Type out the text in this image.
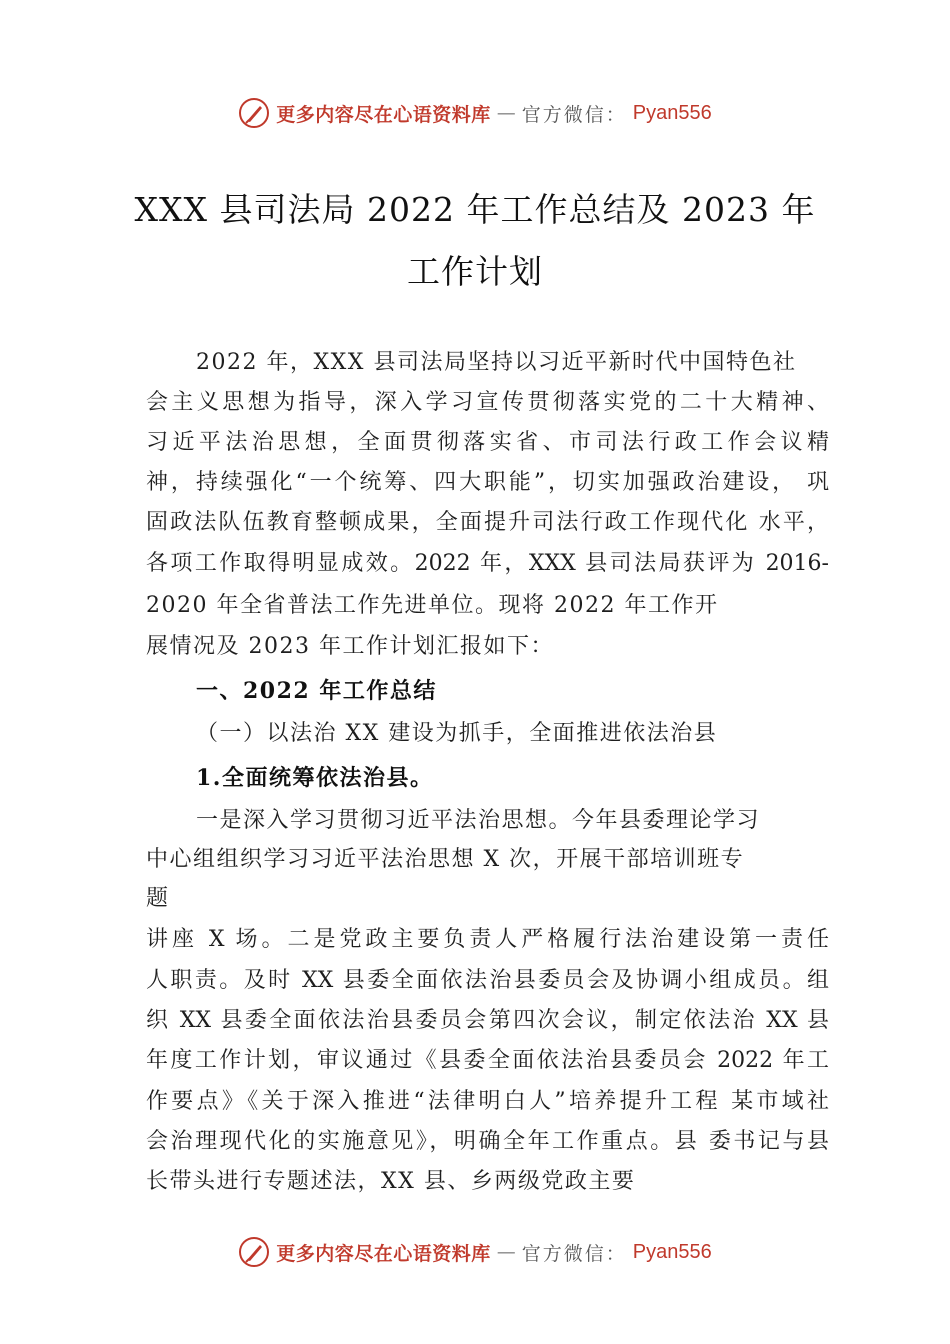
更多内容尽在心语资料库 — 官方微信： Pyan556
XXX 县司法局 2022 年工作总结及 2023 年
工作计划
2022 年，XXX 县司法局坚持以习近平新时代中国特色社
会主义思想为指导，深入学习宣传贯彻落实党的二十大精神、
习近平法治思想，全面贯彻落实省、市司法行政工作会议精
神，持续强化“一个统筹、四大职能”，切实加强政治建设， 巩
固政法队伍教育整顿成果，全面提升司法行政工作现代化 水平，
各项工作取得明显成效。2022 年，XXX 县司法局获评为 2016-
2020 年全省普法工作先进单位。现将 2022 年工作开
展情况及 2023 年工作计划汇报如下：
一、2022 年工作总结
（一）以法治 XX 建设为抓手，全面推进依法治县
1.全面统筹依法治县。
一是深入学习贯彻习近平法治思想。今年县委理论学习
中心组组织学习习近平法治思想 X 次，开展干部培训班专
题
讲座 X 场。二是党政主要负责人严格履行法治建设第一责任
人职责。及时 XX 县委全面依法治县委员会及协调小组成员。组
织 XX 县委全面依法治县委员会第四次会议，制定依法治 XX 县
年度工作计划，审议通过《县委全面依法治县委员会 2022 年工
作要点》《关于深入推进“法律明白人”培养提升工程 某市域社
会治理现代化的实施意见》，明确全年工作重点。县 委书记与县
长带头进行专题述法，XX 县、乡两级党政主要
更多内容尽在心语资料库 — 官方微信： Pyan556
